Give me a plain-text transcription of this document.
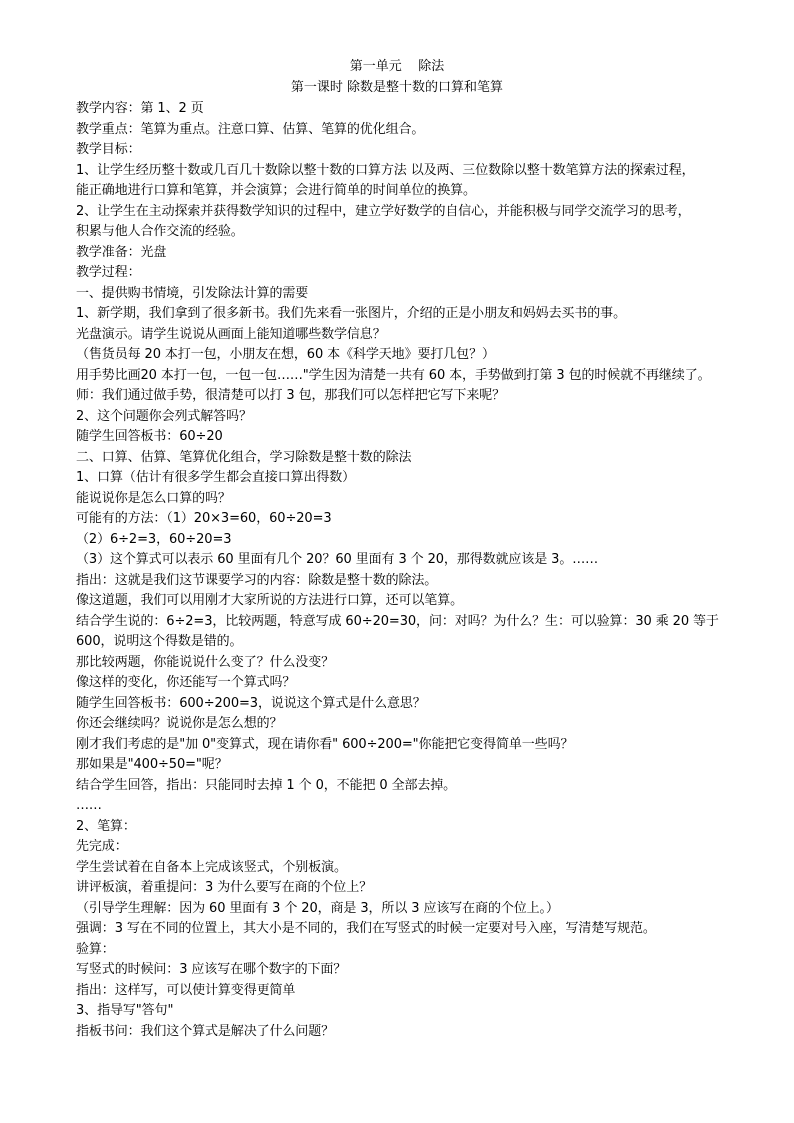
第一单元    除法
第一课时 除数是整十数的口算和笔算
教学内容：第 1、2 页
教学重点：笔算为重点。注意口算、估算、笔算的优化组合。
教学目标：
1、让学生经历整十数或几百几十数除以整十数的口算方法 以及两、三位数除以整十数笔算方法的探索过程，
能正确地进行口算和笔算，并会演算；会进行简单的时间单位的换算。
2、让学生在主动探索并获得数学知识的过程中，建立学好数学的自信心，并能积极与同学交流学习的思考，
积累与他人合作交流的经验。
教学准备：光盘
教学过程：
一、提供购书情境，引发除法计算的需要
1、新学期，我们拿到了很多新书。我们先来看一张图片，介绍的正是小朋友和妈妈去买书的事。
光盘演示。请学生说说从画面上能知道哪些数学信息？
（售货员每 20 本打一包，小朋友在想，60 本《科学天地》要打几包？）
用手势比画20 本打一包，一包一包……"学生因为清楚一共有 60 本，手势做到打第 3 包的时候就不再继续了。
师：我们通过做手势，很清楚可以打 3 包，那我们可以怎样把它写下来呢？
2、这个问题你会列式解答吗？
随学生回答板书：60÷20
二、口算、估算、笔算优化组合，学习除数是整十数的除法
1、口算（估计有很多学生都会直接口算出得数）
能说说你是怎么口算的吗？
可能有的方法：（1）20×3=60，60÷20=3
（2）6÷2=3，60÷20=3
（3）这个算式可以表示 60 里面有几个 20？60 里面有 3 个 20，那得数就应该是 3。……
指出：这就是我们这节课要学习的内容：除数是整十数的除法。
像这道题，我们可以用刚才大家所说的方法进行口算，还可以笔算。
结合学生说的：6÷2=3，比较两题，特意写成 60÷20=30，问：对吗？为什么？生：可以验算：30 乘 20 等于
600，说明这个得数是错的。
那比较两题，你能说说什么变了？什么没变？
像这样的变化，你还能写一个算式吗？
随学生回答板书：600÷200=3，说说这个算式是什么意思？
你还会继续吗？说说你是怎么想的？
刚才我们考虑的是"加 0"变算式，现在请你看" 600÷200="你能把它变得简单一些吗？
那如果是"400÷50="呢？
结合学生回答，指出：只能同时去掉 1 个 0，不能把 0 全部去掉。
……
2、笔算：
先完成：
学生尝试着在自备本上完成该竖式，个别板演。
讲评板演，着重提问：3 为什么要写在商的个位上？
（引导学生理解：因为 60 里面有 3 个 20，商是 3，所以 3 应该写在商的个位上。）
强调：3 写在不同的位置上，其大小是不同的，我们在写竖式的时候一定要对号入座，写清楚写规范。
验算：
写竖式的时候问：3 应该写在哪个数字的下面？
指出：这样写，可以使计算变得更简单
3、指导写"答句"
指板书问：我们这个算式是解决了什么问题？
